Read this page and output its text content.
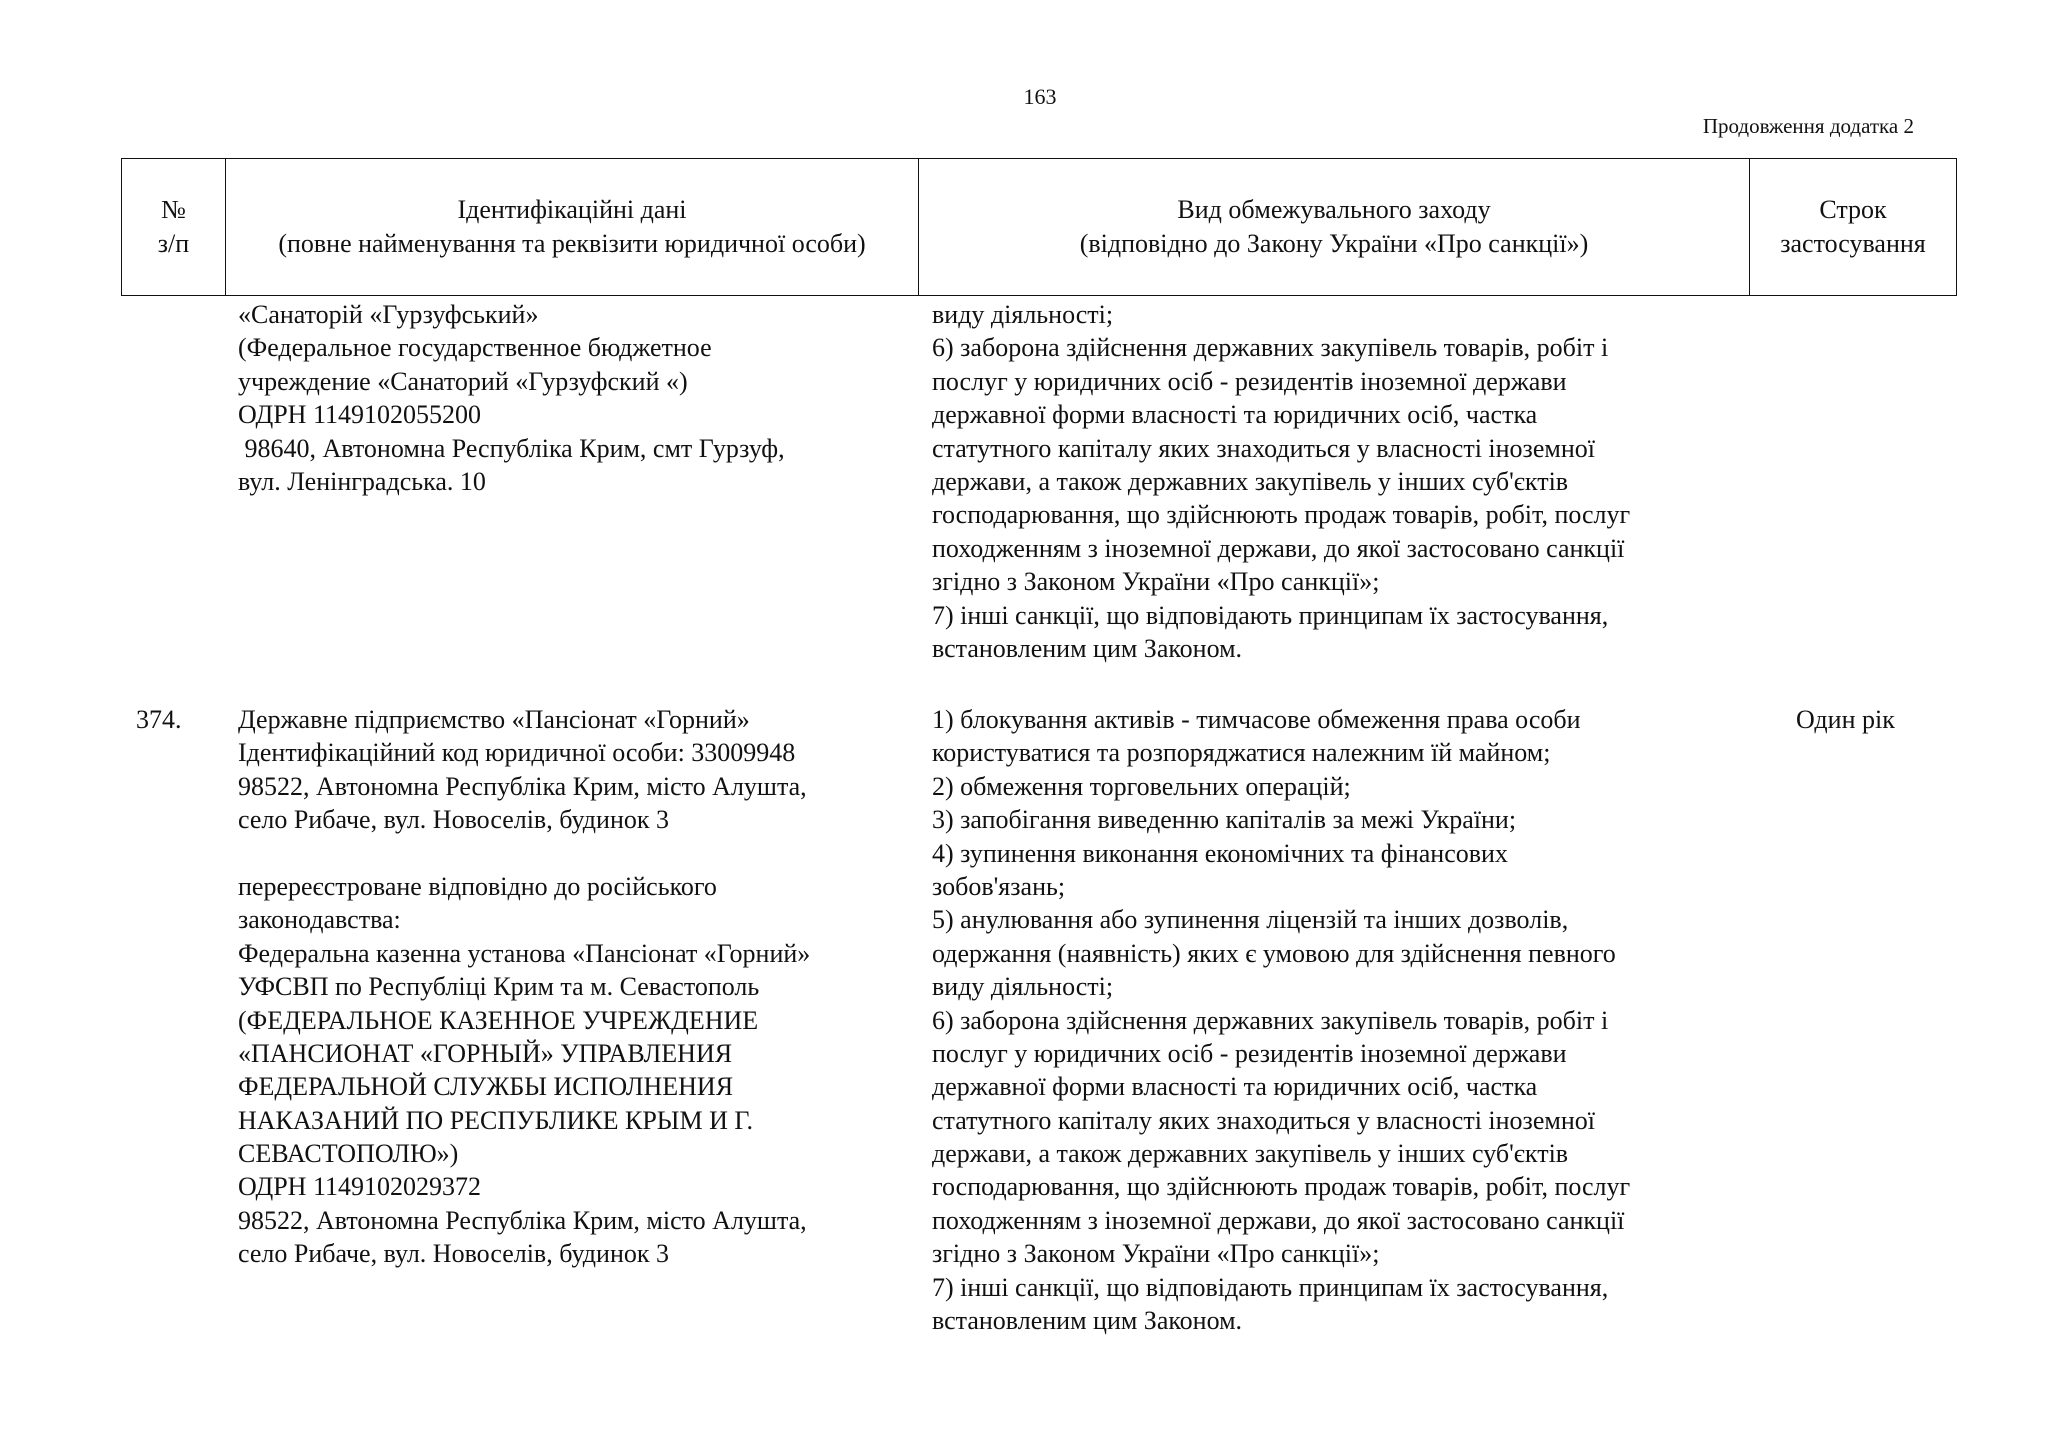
163
Продовження додатка 2
№
з/п
Ідентифікаційні дані
(повне найменування та реквізити юридичної особи)
Вид обмежувального заходу
(відповідно до Закону України «Про санкції»)
Строк
застосування
«Санаторій «Гурзуфський»
(Федеральное государственное бюджетное
учреждение «Санаторий «Гурзуфский «)
ОДРН 1149102055200
98640, Автономна Республіка Крим, смт Гурзуф,
вул. Ленінградська. 10
виду діяльності;
6) заборона здійснення державних закупівель товарів, робіт і
послуг у юридичних осіб - резидентів іноземної держави
державної форми власності та юридичних осіб, частка
статутного капіталу яких знаходиться у власності іноземної
держави, а також державних закупівель у інших суб'єктів
господарювання, що здійснюють продаж товарів, робіт, послуг
походженням з іноземної держави, до якої застосовано санкції
згідно з Законом України «Про санкції»;
7) інші санкції, що відповідають принципам їх застосування,
встановленим цим Законом.
374. Державне підприємство «Пансіонат «Горний»
Ідентифікаційний код юридичної особи: 33009948
98522, Автономна Республіка Крим, місто Алушта,
село Рибаче, вул. Новоселів, будинок 3
перереєстроване відповідно до російського
законодавства:
Федеральна казенна установа «Пансіонат «Горний»
УФСВП по Республіці Крим та м. Севастополь
(ФЕДЕРАЛЬНОЕ КАЗЕННОЕ УЧРЕЖДЕНИЕ
«ПАНСИОНАТ «ГОРНЫЙ» УПРАВЛЕНИЯ
ФЕДЕРАЛЬНОЙ СЛУЖБЫ ИСПОЛНЕНИЯ
НАКАЗАНИЙ ПО РЕСПУБЛИКЕ КРЫМ И Г.
СЕВАСТОПОЛЮ»)
ОДРН 1149102029372
98522, Автономна Республіка Крим, місто Алушта,
село Рибаче, вул. Новоселів, будинок 3
1) блокування активів - тимчасове обмеження права особи
користуватися та розпоряджатися належним їй майном;
2) обмеження торговельних операцій;
3) запобігання виведенню капіталів за межі України;
4) зупинення виконання економічних та фінансових
зобов'язань;
5) анулювання або зупинення ліцензій та інших дозволів,
одержання (наявність) яких є умовою для здійснення певного
виду діяльності;
6) заборона здійснення державних закупівель товарів, робіт і
послуг у юридичних осіб - резидентів іноземної держави
державної форми власності та юридичних осіб, частка
статутного капіталу яких знаходиться у власності іноземної
держави, а також державних закупівель у інших суб'єктів
господарювання, що здійснюють продаж товарів, робіт, послуг
походженням з іноземної держави, до якої застосовано санкції
згідно з Законом України «Про санкції»;
7) інші санкції, що відповідають принципам їх застосування,
встановленим цим Законом.
Один рік
